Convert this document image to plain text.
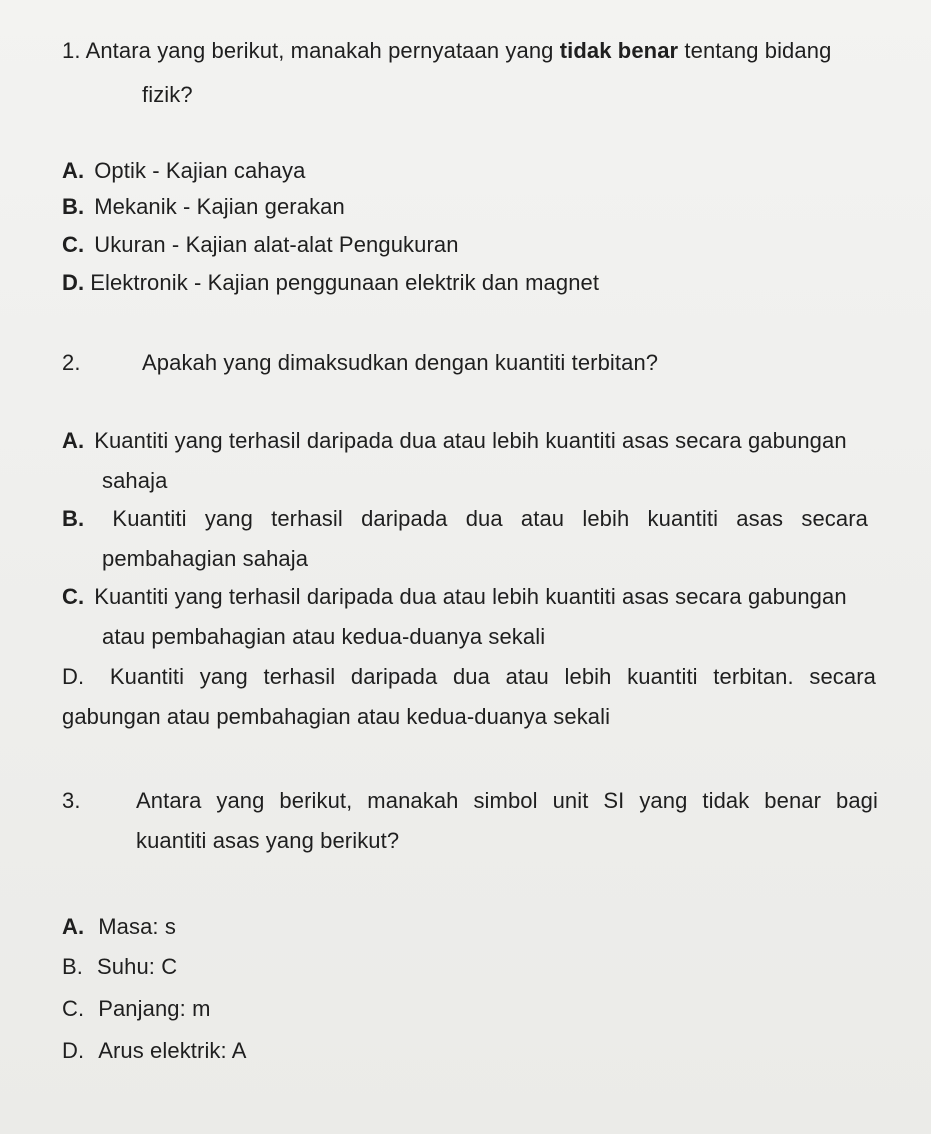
1. Antara yang berikut, manakah pernyataan yang tidak benar tentang bidang
fizik?
A. Optik - Kajian cahaya
B. Mekanik - Kajian gerakan
C. Ukuran - Kajian alat-alat Pengukuran
D. Elektronik - Kajian penggunaan elektrik dan magnet
2.	Apakah yang dimaksudkan dengan kuantiti terbitan?
A. Kuantiti yang terhasil daripada dua atau lebih kuantiti asas secara gabungan
sahaja
B. Kuantiti yang terhasil daripada dua atau lebih kuantiti asas secara
pembahagian sahaja
C. Kuantiti yang terhasil daripada dua atau lebih kuantiti asas secara gabungan
atau pembahagian atau kedua-duanya sekali
D. Kuantiti yang terhasil daripada dua atau lebih kuantiti terbitan. secara
gabungan atau pembahagian atau kedua-duanya sekali
3.	Antara yang berikut, manakah simbol unit SI yang tidak benar bagi
kuantiti asas yang berikut?
A. Masa: s
B. Suhu: C
C. Panjang: m
D. Arus elektrik: A
